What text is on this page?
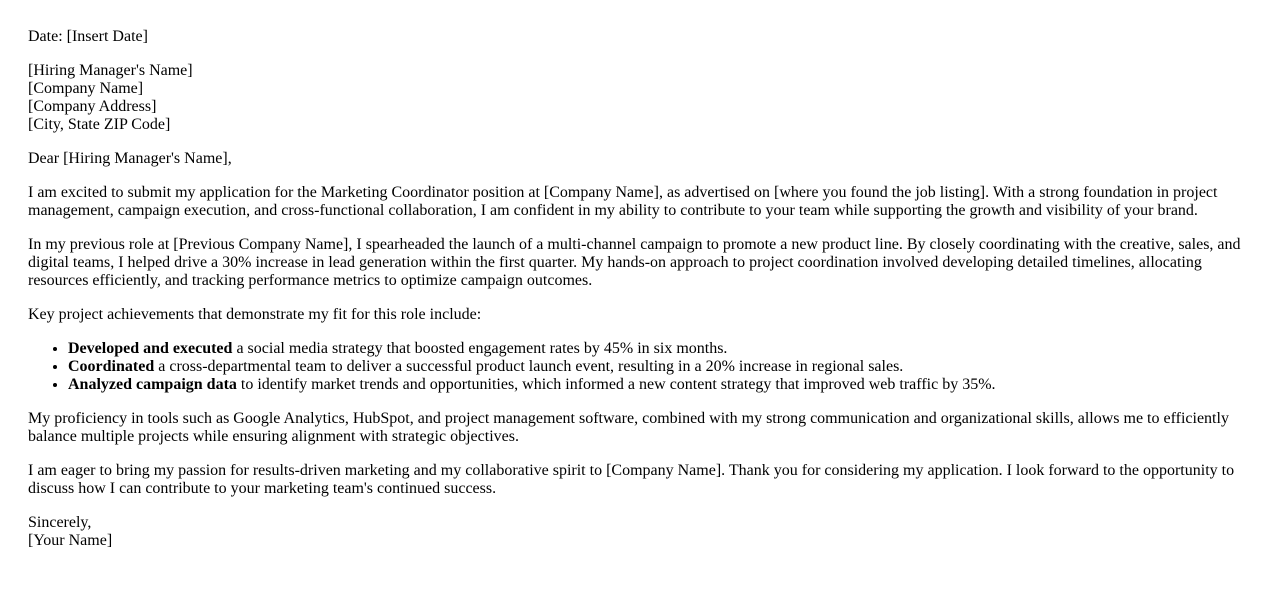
Date: [Insert Date]

[Hiring Manager's Name]
[Company Name]
[Company Address]
[City, State ZIP Code]

Dear [Hiring Manager's Name],

I am excited to submit my application for the Marketing Coordinator position at [Company Name], as advertised on [where you found the job listing]. With a strong foundation in project management, campaign execution, and cross-functional collaboration, I am confident in my ability to contribute to your team while supporting the growth and visibility of your brand.

In my previous role at [Previous Company Name], I spearheaded the launch of a multi-channel campaign to promote a new product line. By closely coordinating with the creative, sales, and digital teams, I helped drive a 30% increase in lead generation within the first quarter. My hands-on approach to project coordination involved developing detailed timelines, allocating resources efficiently, and tracking performance metrics to optimize campaign outcomes.

Key project achievements that demonstrate my fit for this role include:

• Developed and executed a social media strategy that boosted engagement rates by 45% in six months.
• Coordinated a cross-departmental team to deliver a successful product launch event, resulting in a 20% increase in regional sales.
• Analyzed campaign data to identify market trends and opportunities, which informed a new content strategy that improved web traffic by 35%.

My proficiency in tools such as Google Analytics, HubSpot, and project management software, combined with my strong communication and organizational skills, allows me to efficiently balance multiple projects while ensuring alignment with strategic objectives.

I am eager to bring my passion for results-driven marketing and my collaborative spirit to [Company Name]. Thank you for considering my application. I look forward to the opportunity to discuss how I can contribute to your marketing team's continued success.

Sincerely,
[Your Name]
